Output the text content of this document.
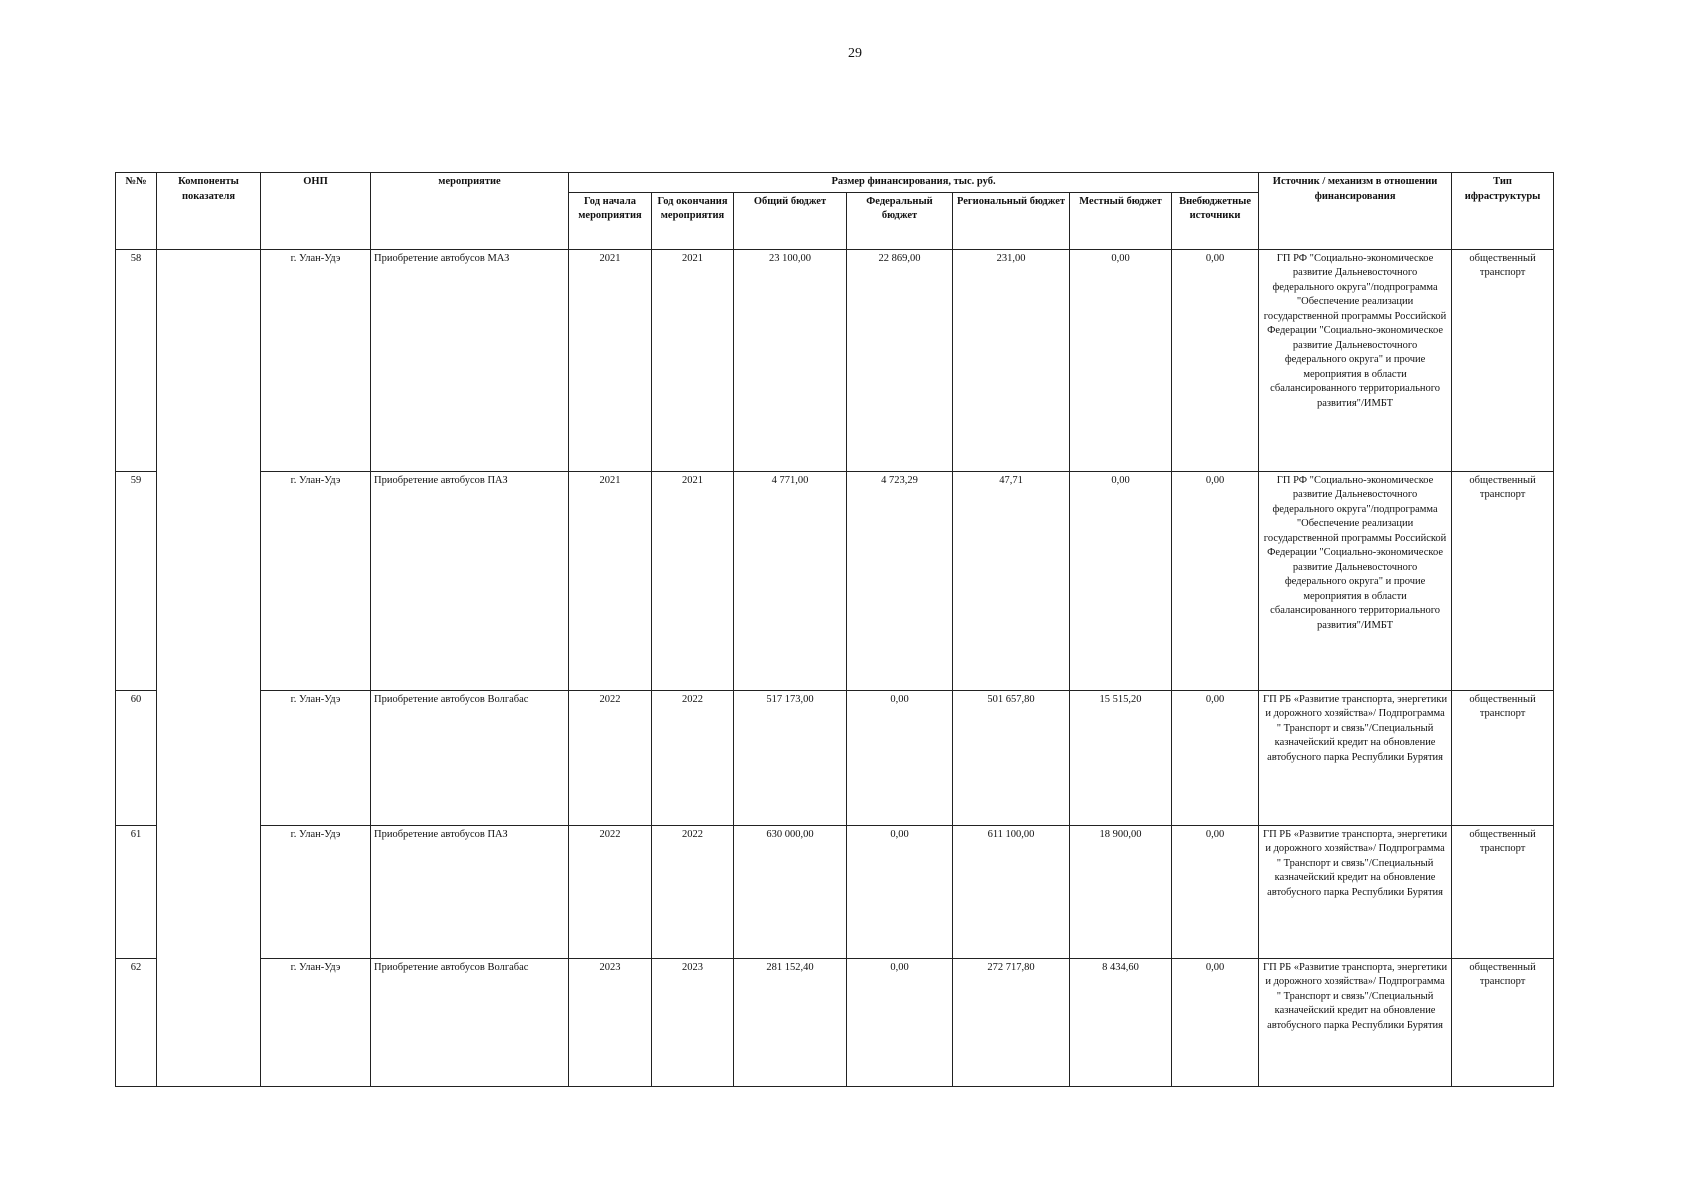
29
№№	Компоненты показателя	ОНП	мероприятие	Размер финансирования, тыс. руб.							Источник / механизм в отношении финансирования	Тип ифраструктуры
				Год начала мероприятия	Год окончания мероприятия	Общий бюджет	Федеральный бюджет	Региональный бюджет	Местный бюджет	Внебюджетные источники		
58		г. Улан-Удэ	Приобретение автобусов МАЗ	2021	2021	23 100,00	22 869,00	231,00	0,00	0,00	ГП РФ "Социально-экономическое развитие Дальневосточного федерального округа"/подпрограмма "Обеспечение реализации государственной программы Российской Федерации "Социально-экономическое развитие Дальневосточного федерального округа" и прочие мероприятия в области сбалансированного территориального развития"/ИМБТ	общественный транспорт
59		г. Улан-Удэ	Приобретение автобусов ПАЗ	2021	2021	4 771,00	4 723,29	47,71	0,00	0,00	ГП РФ "Социально-экономическое развитие Дальневосточного федерального округа"/подпрограмма "Обеспечение реализации государственной программы Российской Федерации "Социально-экономическое развитие Дальневосточного федерального округа" и прочие мероприятия в области сбалансированного территориального развития"/ИМБТ	общественный транспорт
60		г. Улан-Удэ	Приобретение автобусов Волгабас	2022	2022	517 173,00	0,00	501 657,80	15 515,20	0,00	ГП РБ «Развитие транспорта, энергетики и дорожного хозяйства»/ Подпрограмма " Транспорт и связь"/Специальный казначейский кредит на обновление автобусного парка Республики Бурятия	общественный транспорт
61		г. Улан-Удэ	Приобретение автобусов ПАЗ	2022	2022	630 000,00	0,00	611 100,00	18 900,00	0,00	ГП РБ «Развитие транспорта, энергетики и дорожного хозяйства»/ Подпрограмма " Транспорт и связь"/Специальный казначейский кредит на обновление автобусного парка Республики Бурятия	общественный транспорт
62		г. Улан-Удэ	Приобретение автобусов Волгабас	2023	2023	281 152,40	0,00	272 717,80	8 434,60	0,00	ГП РБ «Развитие транспорта, энергетики и дорожного хозяйства»/ Подпрограмма " Транспорт и связь"/Специальный казначейский кредит на обновление автобусного парка Республики Бурятия	общественный транспорт
